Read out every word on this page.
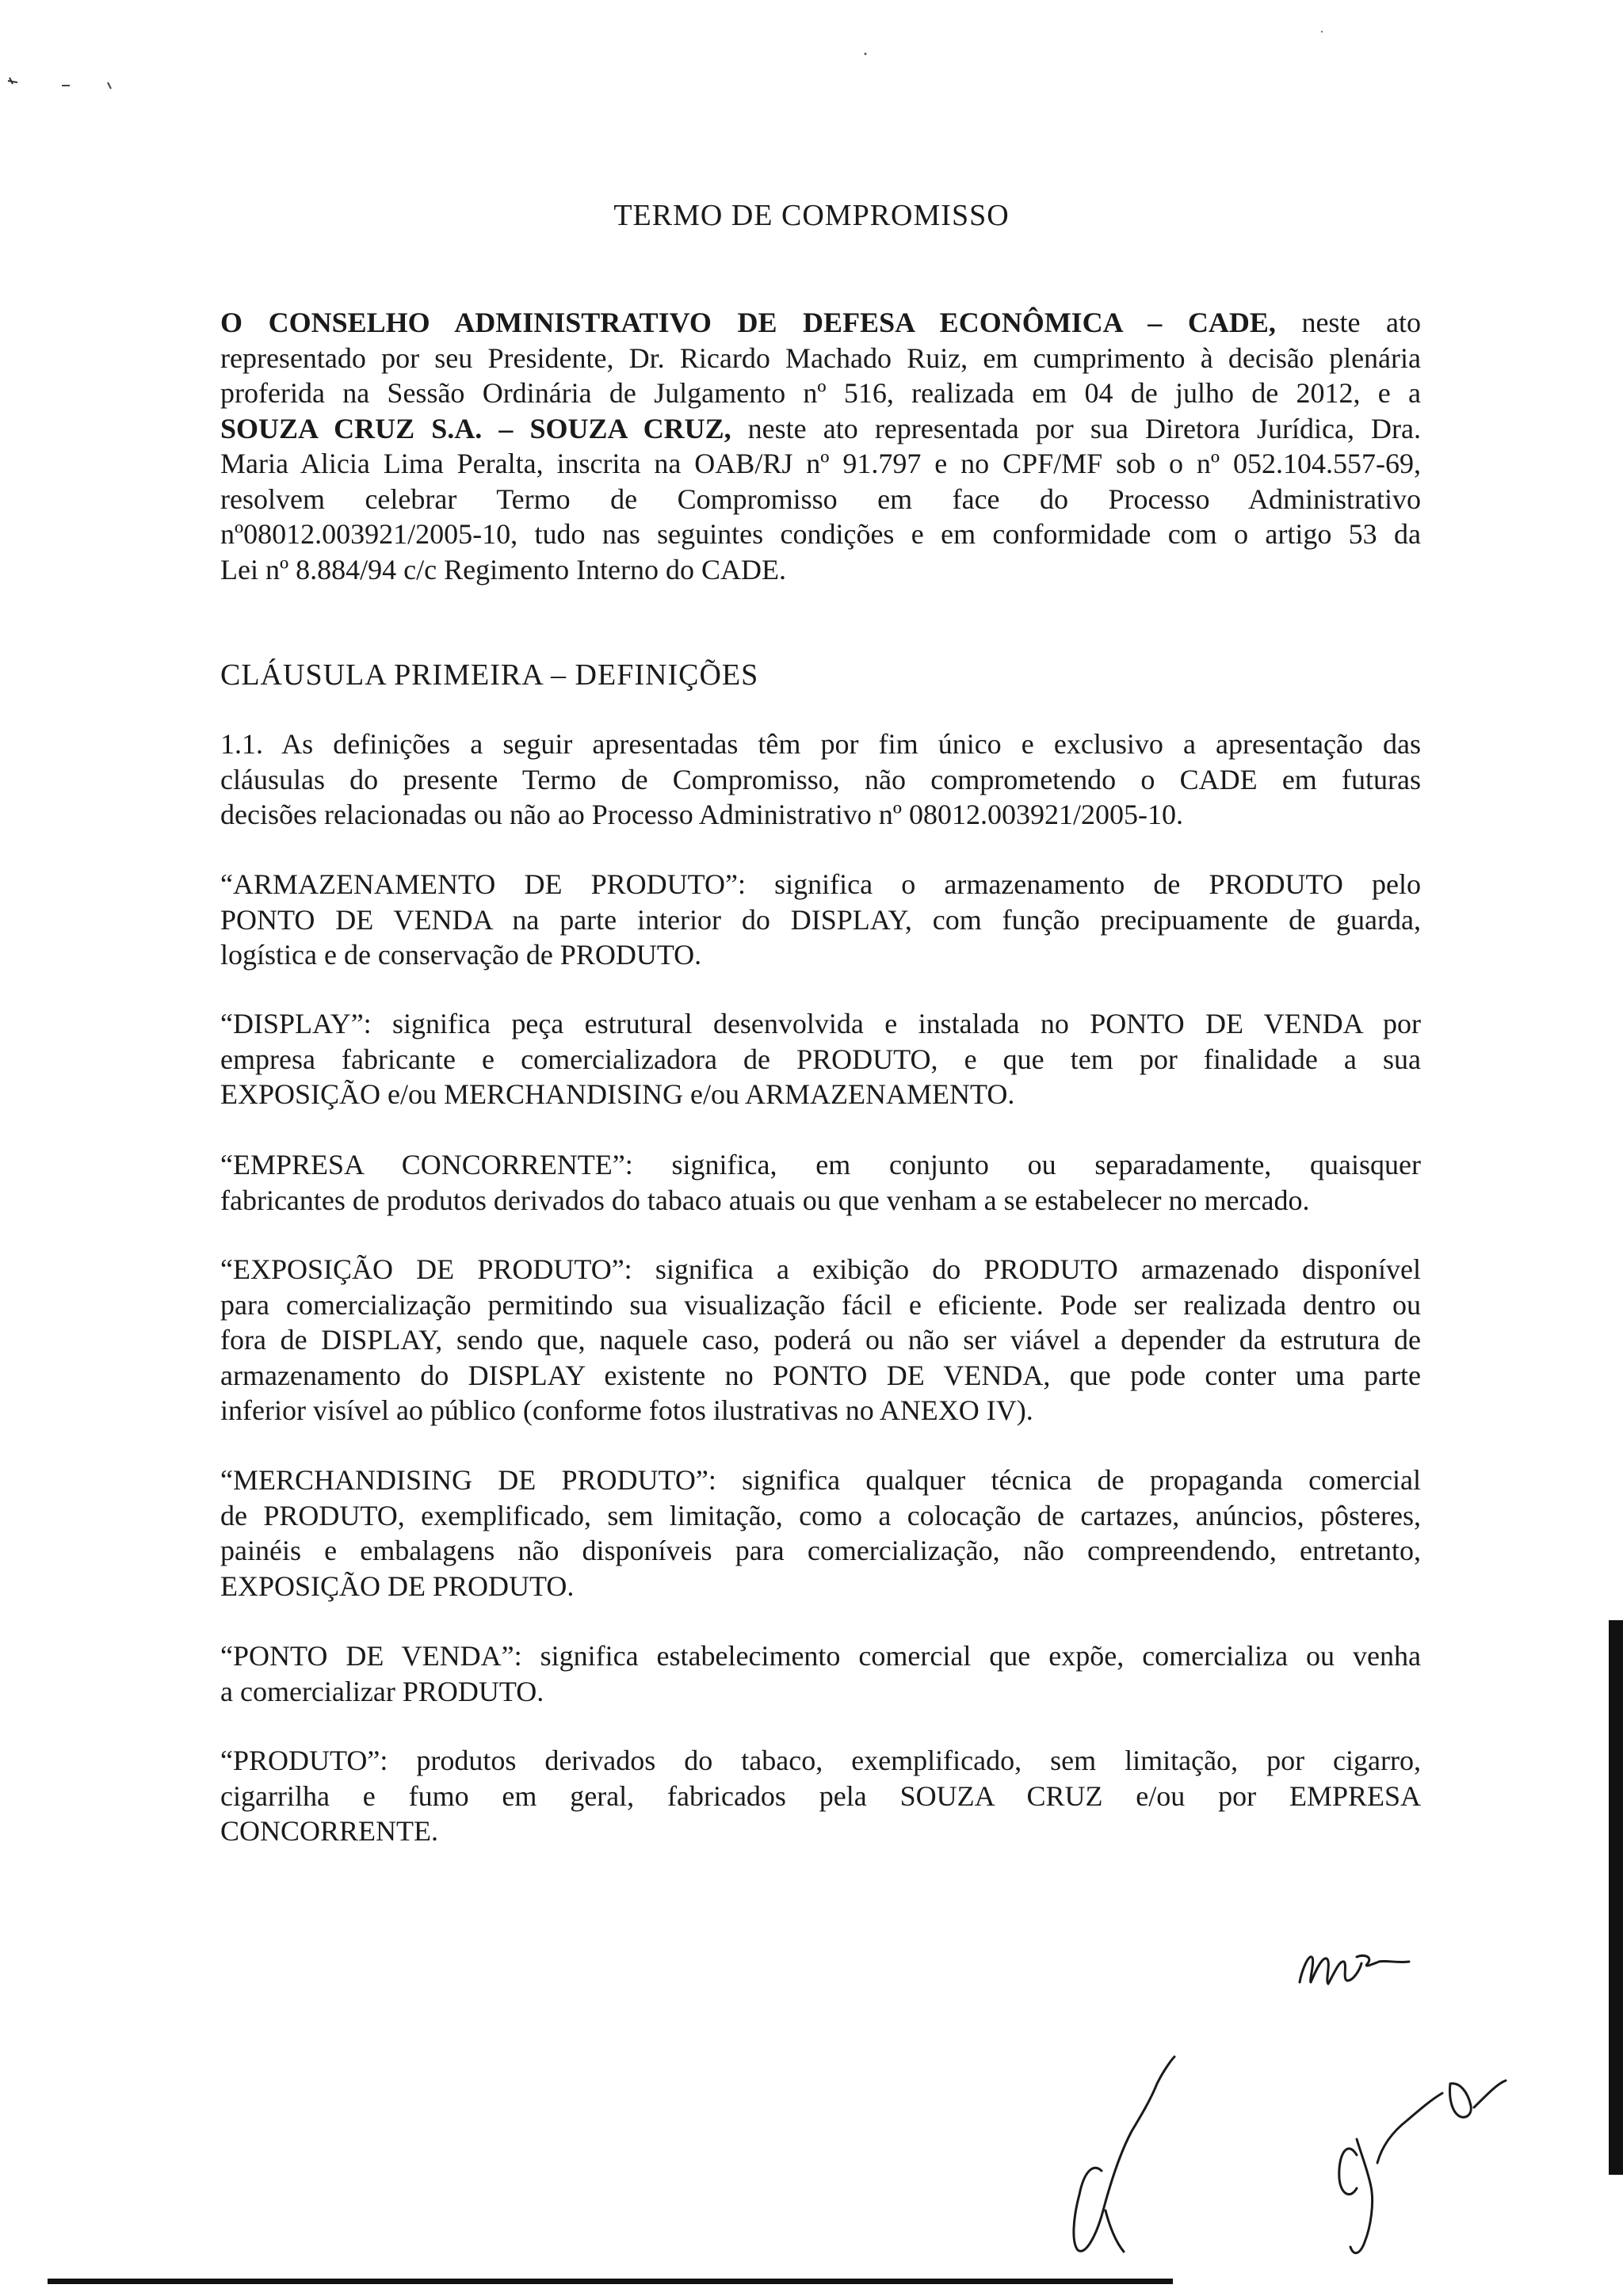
TERMO DE COMPROMISSO
O CONSELHO ADMINISTRATIVO DE DEFESA ECONÔMICA – CADE, neste ato
representado por seu Presidente, Dr. Ricardo Machado Ruiz, em cumprimento à decisão plenária
proferida na Sessão Ordinária de Julgamento nº 516, realizada em 04 de julho de 2012, e a
SOUZA CRUZ S.A. – SOUZA CRUZ, neste ato representada por sua Diretora Jurídica, Dra.
Maria Alicia Lima Peralta, inscrita na OAB/RJ nº 91.797 e no CPF/MF sob o nº 052.104.557-69,
resolvem celebrar Termo de Compromisso em face do Processo Administrativo
nº08012.003921/2005-10, tudo nas seguintes condições e em conformidade com o artigo 53 da
Lei nº 8.884/94 c/c Regimento Interno do CADE.
CLÁUSULA PRIMEIRA – DEFINIÇÕES
1.1. As definições a seguir apresentadas têm por fim único e exclusivo a apresentação das
cláusulas do presente Termo de Compromisso, não comprometendo o CADE em futuras
decisões relacionadas ou não ao Processo Administrativo nº 08012.003921/2005-10.
“ARMAZENAMENTO DE PRODUTO”: significa o armazenamento de PRODUTO pelo
PONTO DE VENDA na parte interior do DISPLAY, com função precipuamente de guarda,
logística e de conservação de PRODUTO.
“DISPLAY”: significa peça estrutural desenvolvida e instalada no PONTO DE VENDA por
empresa fabricante e comercializadora de PRODUTO, e que tem por finalidade a sua
EXPOSIÇÃO e/ou MERCHANDISING e/ou ARMAZENAMENTO.
“EMPRESA CONCORRENTE”: significa, em conjunto ou separadamente, quaisquer
fabricantes de produtos derivados do tabaco atuais ou que venham a se estabelecer no mercado.
“EXPOSIÇÃO DE PRODUTO”: significa a exibição do PRODUTO armazenado disponível
para comercialização permitindo sua visualização fácil e eficiente. Pode ser realizada dentro ou
fora de DISPLAY, sendo que, naquele caso, poderá ou não ser viável a depender da estrutura de
armazenamento do DISPLAY existente no PONTO DE VENDA, que pode conter uma parte
inferior visível ao público (conforme fotos ilustrativas no ANEXO IV).
“MERCHANDISING DE PRODUTO”: significa qualquer técnica de propaganda comercial
de PRODUTO, exemplificado, sem limitação, como a colocação de cartazes, anúncios, pôsteres,
painéis e embalagens não disponíveis para comercialização, não compreendendo, entretanto,
EXPOSIÇÃO DE PRODUTO.
“PONTO DE VENDA”: significa estabelecimento comercial que expõe, comercializa ou venha
a comercializar PRODUTO.
“PRODUTO”: produtos derivados do tabaco, exemplificado, sem limitação, por cigarro,
cigarrilha e fumo em geral, fabricados pela SOUZA CRUZ e/ou por EMPRESA
CONCORRENTE.
